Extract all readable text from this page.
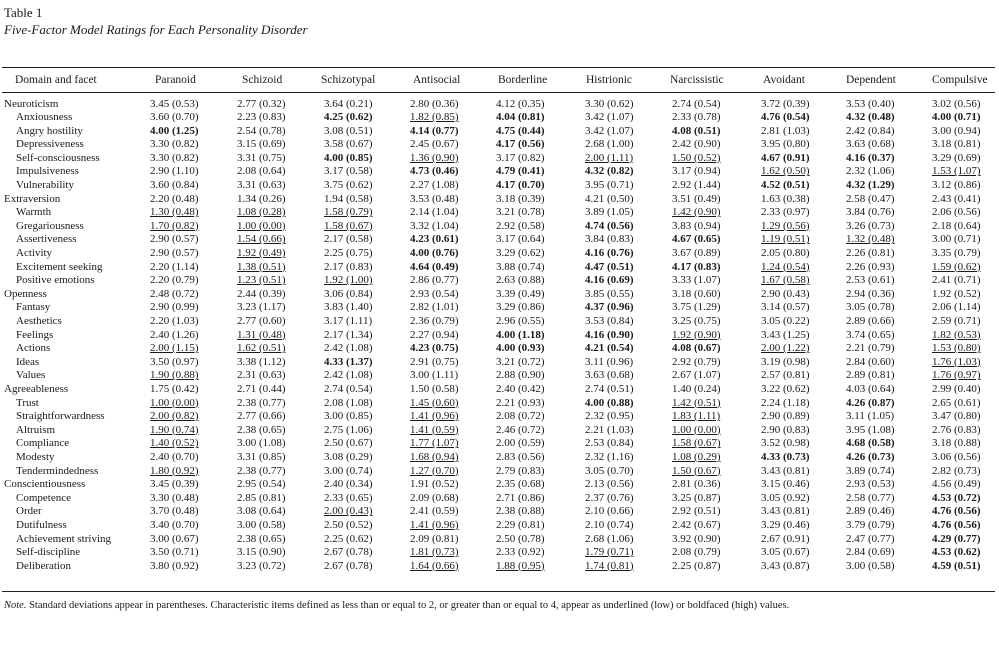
Table 1
Five-Factor Model Ratings for Each Personality Disorder
Domain and facet	Paranoid	Schizoid	Schizotypal	Antisocial	Borderline	Histrionic	Narcissistic	Avoidant	Dependent	Compulsive
Neuroticism	3.45 (0.53)	2.77 (0.32)	3.64 (0.21)	2.80 (0.36)	4.12 (0.35)	3.30 (0.62)	2.74 (0.54)	3.72 (0.39)	3.53 (0.40)	3.02 (0.56)
Anxiousness	3.60 (0.70)	2.23 (0.83)	4.25 (0.62)	1.82 (0.85)	4.04 (0.81)	3.42 (1.07)	2.33 (0.78)	4.76 (0.54)	4.32 (0.48)	4.00 (0.71)
Angry hostility	4.00 (1.25)	2.54 (0.78)	3.08 (0.51)	4.14 (0.77)	4.75 (0.44)	3.42 (1.07)	4.08 (0.51)	2.81 (1.03)	2.42 (0.84)	3.00 (0.94)
Depressiveness	3.30 (0.82)	3.15 (0.69)	3.58 (0.67)	2.45 (0.67)	4.17 (0.56)	2.68 (1.00)	2.42 (0.90)	3.95 (0.80)	3.63 (0.68)	3.18 (0.81)
Self-consciousness	3.30 (0.82)	3.31 (0.75)	4.00 (0.85)	1.36 (0.90)	3.17 (0.82)	2.00 (1.11)	1.50 (0.52)	4.67 (0.91)	4.16 (0.37)	3.29 (0.69)
Impulsiveness	2.90 (1.10)	2.08 (0.64)	3.17 (0.58)	4.73 (0.46)	4.79 (0.41)	4.32 (0.82)	3.17 (0.94)	1.62 (0.50)	2.32 (1.06)	1.53 (1.07)
Vulnerability	3.60 (0.84)	3.31 (0.63)	3.75 (0.62)	2.27 (1.08)	4.17 (0.70)	3.95 (0.71)	2.92 (1.44)	4.52 (0.51)	4.32 (1.29)	3.12 (0.86)
Extraversion	2.20 (0.48)	1.34 (0.26)	1.94 (0.58)	3.53 (0.48)	3.18 (0.39)	4.21 (0.50)	3.51 (0.49)	1.63 (0.38)	2.58 (0.47)	2.43 (0.41)
Warmth	1.30 (0.48)	1.08 (0.28)	1.58 (0.79)	2.14 (1.04)	3.21 (0.78)	3.89 (1.05)	1.42 (0.90)	2.33 (0.97)	3.84 (0.76)	2.06 (0.56)
Gregariousness	1.70 (0.82)	1.00 (0.00)	1.58 (0.67)	3.32 (1.04)	2.92 (0.58)	4.74 (0.56)	3.83 (0.94)	1.29 (0.56)	3.26 (0.73)	2.18 (0.64)
Assertiveness	2.90 (0.57)	1.54 (0.66)	2.17 (0.58)	4.23 (0.61)	3.17 (0.64)	3.84 (0.83)	4.67 (0.65)	1.19 (0.51)	1.32 (0.48)	3.00 (0.71)
Activity	2.90 (0.57)	1.92 (0.49)	2.25 (0.75)	4.00 (0.76)	3.29 (0.62)	4.16 (0.76)	3.67 (0.89)	2.05 (0.80)	2.26 (0.81)	3.35 (0.79)
Excitement seeking	2.20 (1.14)	1.38 (0.51)	2.17 (0.83)	4.64 (0.49)	3.88 (0.74)	4.47 (0.51)	4.17 (0.83)	1.24 (0.54)	2.26 (0.93)	1.59 (0.62)
Positive emotions	2.20 (0.79)	1.23 (0.51)	1.92 (1.00)	2.86 (0.77)	2.63 (0.88)	4.16 (0.69)	3.33 (1.07)	1.67 (0.58)	2.53 (0.61)	2.41 (0.71)
Openness	2.48 (0.72)	2.44 (0.39)	3.06 (0.84)	2.93 (0.54)	3.39 (0.49)	3.85 (0.55)	3.18 (0.60)	2.90 (0.43)	2.94 (0.36)	1.92 (0.52)
Fantasy	2.90 (0.99)	3.23 (1.17)	3.83 (1.40)	2.82 (1.01)	3.29 (0.86)	4.37 (0.96)	3.75 (1.29)	3.14 (0.57)	3.05 (0.78)	2.06 (1.14)
Aesthetics	2.20 (1.03)	2.77 (0.60)	3.17 (1.11)	2.36 (0.79)	2.96 (0.55)	3.53 (0.84)	3.25 (0.75)	3.05 (0.22)	2.89 (0.66)	2.59 (0.71)
Feelings	2.40 (1.26)	1.31 (0.48)	2.17 (1.34)	2.27 (0.94)	4.00 (1.18)	4.16 (0.90)	1.92 (0.90)	3.43 (1.25)	3.74 (0.65)	1.82 (0.53)
Actions	2.00 (1.15)	1.62 (0.51)	2.42 (1.08)	4.23 (0.75)	4.00 (0.93)	4.21 (0.54)	4.08 (0.67)	2.00 (1.22)	2.21 (0.79)	1.53 (0.80)
Ideas	3.50 (0.97)	3.38 (1.12)	4.33 (1.37)	2.91 (0.75)	3.21 (0.72)	3.11 (0.96)	2.92 (0.79)	3.19 (0.98)	2.84 (0.60)	1.76 (1.03)
Values	1.90 (0.88)	2.31 (0.63)	2.42 (1.08)	3.00 (1.11)	2.88 (0.90)	3.63 (0.68)	2.67 (1.07)	2.57 (0.81)	2.89 (0.81)	1.76 (0.97)
Agreeableness	1.75 (0.42)	2.71 (0.44)	2.74 (0.54)	1.50 (0.58)	2.40 (0.42)	2.74 (0.51)	1.40 (0.24)	3.22 (0.62)	4.03 (0.64)	2.99 (0.40)
Trust	1.00 (0.00)	2.38 (0.77)	2.08 (1.08)	1.45 (0.60)	2.21 (0.93)	4.00 (0.88)	1.42 (0.51)	2.24 (1.18)	4.26 (0.87)	2.65 (0.61)
Straightforwardness	2.00 (0.82)	2.77 (0.66)	3.00 (0.85)	1.41 (0.96)	2.08 (0.72)	2.32 (0.95)	1.83 (1.11)	2.90 (0.89)	3.11 (1.05)	3.47 (0.80)
Altruism	1.90 (0.74)	2.38 (0.65)	2.75 (1.06)	1.41 (0.59)	2.46 (0.72)	2.21 (1.03)	1.00 (0.00)	2.90 (0.83)	3.95 (1.08)	2.76 (0.83)
Compliance	1.40 (0.52)	3.00 (1.08)	2.50 (0.67)	1.77 (1.07)	2.00 (0.59)	2.53 (0.84)	1.58 (0.67)	3.52 (0.98)	4.68 (0.58)	3.18 (0.88)
Modesty	2.40 (0.70)	3.31 (0.85)	3.08 (0.29)	1.68 (0.94)	2.83 (0.56)	2.32 (1.16)	1.08 (0.29)	4.33 (0.73)	4.26 (0.73)	3.06 (0.56)
Tendermindedness	1.80 (0.92)	2.38 (0.77)	3.00 (0.74)	1.27 (0.70)	2.79 (0.83)	3.05 (0.70)	1.50 (0.67)	3.43 (0.81)	3.89 (0.74)	2.82 (0.73)
Conscientiousness	3.45 (0.39)	2.95 (0.54)	2.40 (0.34)	1.91 (0.52)	2.35 (0.68)	2.13 (0.56)	2.81 (0.36)	3.15 (0.46)	2.93 (0.53)	4.56 (0.49)
Competence	3.30 (0.48)	2.85 (0.81)	2.33 (0.65)	2.09 (0.68)	2.71 (0.86)	2.37 (0.76)	3.25 (0.87)	3.05 (0.92)	2.58 (0.77)	4.53 (0.72)
Order	3.70 (0.48)	3.08 (0.64)	2.00 (0.43)	2.41 (0.59)	2.38 (0.88)	2.10 (0.66)	2.92 (0.51)	3.43 (0.81)	2.89 (0.46)	4.76 (0.56)
Dutifulness	3.40 (0.70)	3.00 (0.58)	2.50 (0.52)	1.41 (0.96)	2.29 (0.81)	2.10 (0.74)	2.42 (0.67)	3.29 (0.46)	3.79 (0.79)	4.76 (0.56)
Achievement striving	3.00 (0.67)	2.38 (0.65)	2.25 (0.62)	2.09 (0.81)	2.50 (0.78)	2.68 (1.06)	3.92 (0.90)	2.67 (0.91)	2.47 (0.77)	4.29 (0.77)
Self-discipline	3.50 (0.71)	3.15 (0.90)	2.67 (0.78)	1.81 (0.73)	2.33 (0.92)	1.79 (0.71)	2.08 (0.79)	3.05 (0.67)	2.84 (0.69)	4.53 (0.62)
Deliberation	3.80 (0.92)	3.23 (0.72)	2.67 (0.78)	1.64 (0.66)	1.88 (0.95)	1.74 (0.81)	2.25 (0.87)	3.43 (0.87)	3.00 (0.58)	4.59 (0.51)
Note. Standard deviations appear in parentheses. Characteristic items defined as less than or equal to 2, or greater than or equal to 4, appear as underlined (low) or boldfaced (high) values.
